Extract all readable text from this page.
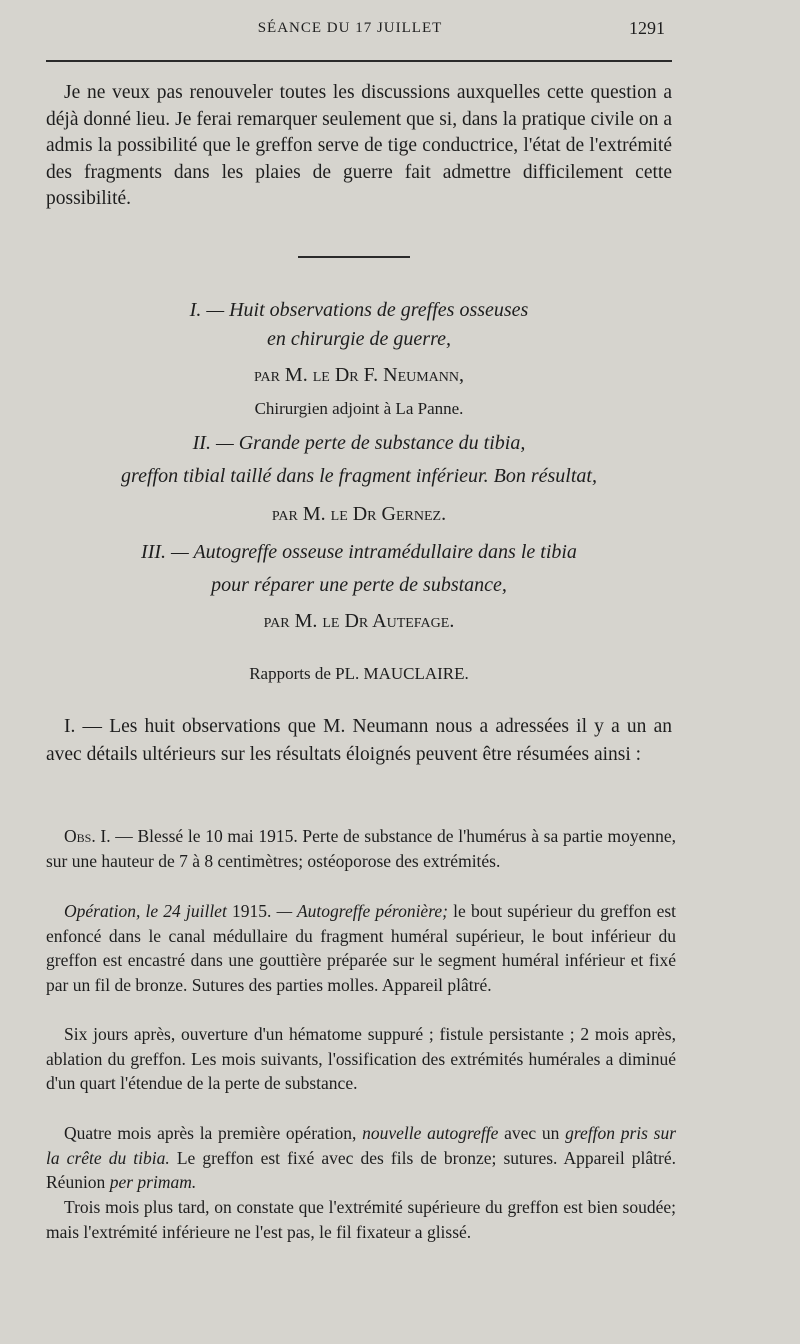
SÉANCE DU 17 JUILLET	1291

Je ne veux pas renouveler toutes les discussions auxquelles cette question a déjà donné lieu. Je ferai remarquer seulement que si, dans la pratique civile on a admis la possibilité que le greffon serve de tige conductrice, l'état de l'extrémité des fragments dans les plaies de guerre fait admettre difficilement cette possibilité.

I. — Huit observations de greffes osseuses

en chirurgie de guerre,

par M. le Dr F. Neumann,

Chirurgien adjoint à La Panne.

II. — Grande perte de substance du tibia,

greffon tibial taillé dans le fragment inférieur. Bon résultat,

par M. le Dr Gernez.

III. — Autogreffe osseuse intramédullaire dans le tibia

pour réparer une perte de substance,

par M. le Dr Autefage.

Rapports de PL. MAUCLAIRE.

I. — Les huit observations que M. Neumann nous a adressées il y a un an avec détails ultérieurs sur les résultats éloignés peuvent être résumées ainsi :

Obs. I. — Blessé le 10 mai 1915. Perte de substance de l'humérus à sa partie moyenne, sur une hauteur de 7 à 8 centimètres; ostéoporose des extrémités.

Opération, le 24 juillet 1915. — Autogreffe péronière; le bout supérieur du greffon est enfoncé dans le canal médullaire du fragment huméral supérieur, le bout inférieur du greffon est encastré dans une gouttière préparée sur le segment huméral inférieur et fixé par un fil de bronze. Sutures des parties molles. Appareil plâtré.

Six jours après, ouverture d'un hématome suppuré ; fistule persistante ; 2 mois après, ablation du greffon. Les mois suivants, l'ossification des extrémités humérales a diminué d'un quart l'étendue de la perte de substance.

Quatre mois après la première opération, nouvelle autogreffe avec un greffon pris sur la crête du tibia. Le greffon est fixé avec des fils de bronze; sutures. Appareil plâtré. Réunion per primam.

Trois mois plus tard, on constate que l'extrémité supérieure du greffon est bien soudée; mais l'extrémité inférieure ne l'est pas, le fil fixateur a glissé.
